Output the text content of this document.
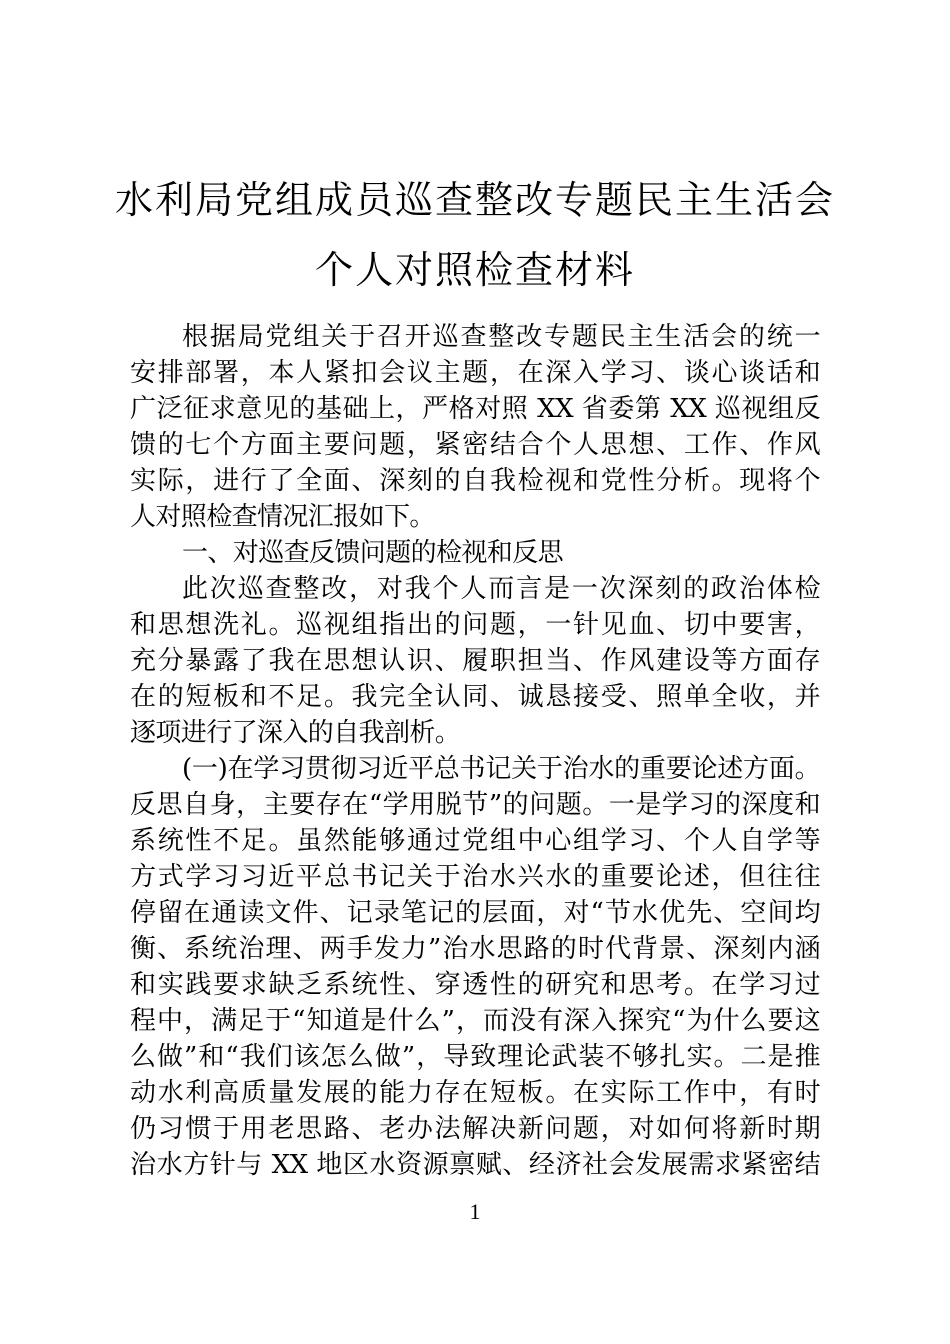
水利局党组成员巡查整改专题民主生活会
个人对照检查材料
根据局党组关于召开巡查整改专题民主生活会的统一
安排部署，本人紧扣会议主题，在深入学习、谈心谈话和
广泛征求意见的基础上，严格对照 XX 省委第 XX 巡视组反
馈的七个方面主要问题，紧密结合个人思想、工作、作风
实际，进行了全面、深刻的自我检视和党性分析。现将个
人对照检查情况汇报如下。
一、对巡查反馈问题的检视和反思
此次巡查整改，对我个人而言是一次深刻的政治体检
和思想洗礼。巡视组指出的问题，一针见血、切中要害，
充分暴露了我在思想认识、履职担当、作风建设等方面存
在的短板和不足。我完全认同、诚恳接受、照单全收，并
逐项进行了深入的自我剖析。
(一)在学习贯彻习近平总书记关于治水的重要论述方面。
反思自身，主要存在“学用脱节”的问题。一是学习的深度和
系统性不足。虽然能够通过党组中心组学习、个人自学等
方式学习习近平总书记关于治水兴水的重要论述，但往往
停留在通读文件、记录笔记的层面，对“节水优先、空间均
衡、系统治理、两手发力”治水思路的时代背景、深刻内涵
和实践要求缺乏系统性、穿透性的研究和思考。在学习过
程中，满足于“知道是什么”，而没有深入探究“为什么要这
么做”和“我们该怎么做”，导致理论武装不够扎实。二是推
动水利高质量发展的能力存在短板。在实际工作中，有时
仍习惯于用老思路、老办法解决新问题，对如何将新时期
治水方针与 XX 地区水资源禀赋、经济社会发展需求紧密结
1
